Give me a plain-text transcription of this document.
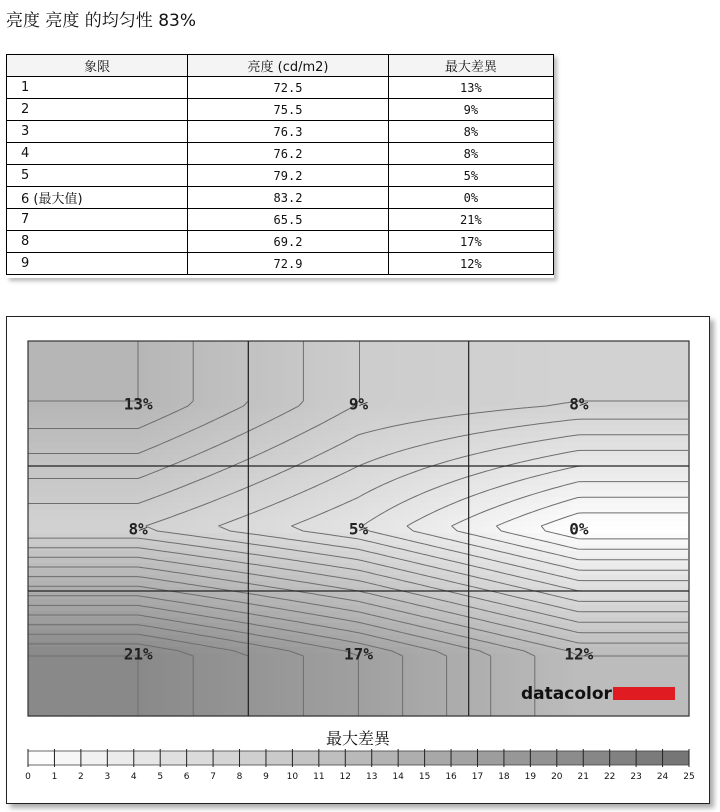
亮度 亮度 的均匀性 83%
象限	亮度 (cd/m2)	最大差異
1	72.5	13%
2	75.5	9%
3	76.3	8%
4	76.2	8%
5	79.2	5%
6 (最大值)	83.2	0%
7	65.5	21%
8	69.2	17%
9	72.9	12%
13%	9%	8%
8%	5%	0%
21%	17%	12%
datacolor
0 1 2 3 4 5 6 7 8 9 10 11 12 13 14 15 16 17 18 19 20 21 22 23 24 25
最大差異
